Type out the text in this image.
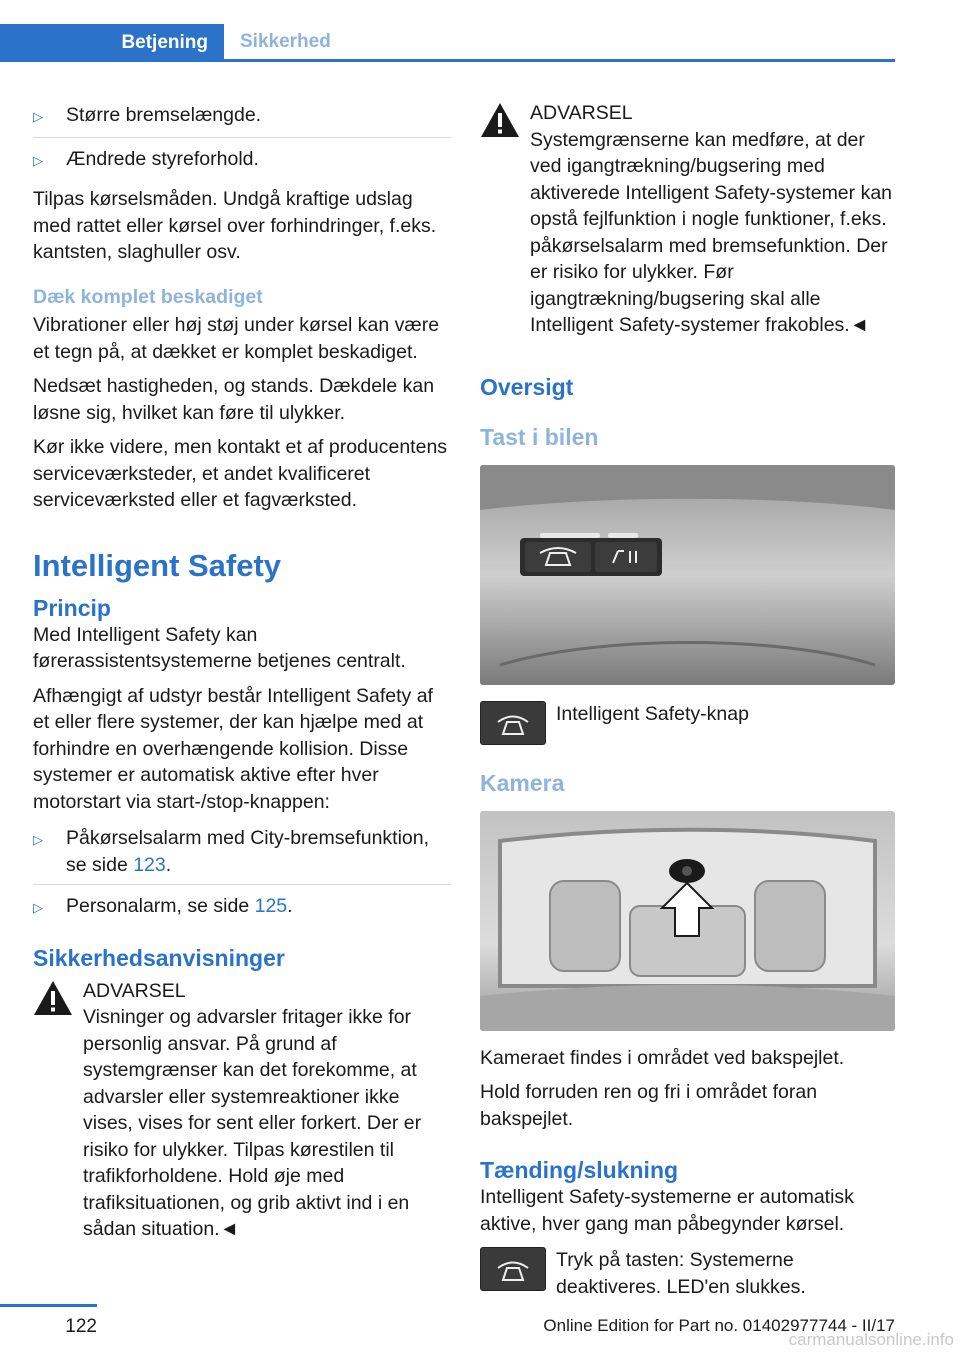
Betjening	Sikkerhed
▷	Større bremselængde.
▷	Ændrede styreforhold.

Tilpas kørselsmåden. Undgå kraftige udslag med rattet eller kørsel over forhindringer, f.eks. kantsten, slaghuller osv.

Dæk komplet beskadiget

Vibrationer eller høj støj under kørsel kan være et tegn på, at dækket er komplet beskadiget.

Nedsæt hastigheden, og stands. Dækdele kan løsne sig, hvilket kan føre til ulykker.

Kør ikke videre, men kontakt et af producentens serviceværksteder, et andet kvalificeret serviceværksted eller et fagværksted.

Intelligent Safety
Princip

Med Intelligent Safety kan førerassistentsystemerne betjenes centralt.

Afhængigt af udstyr består Intelligent Safety af et eller flere systemer, der kan hjælpe med at forhindre en overhængende kollision. Disse systemer er automatisk aktive efter hver motorstart via start-/stop-knappen:

▷	Påkørselsalarm med City-bremsefunktion, se side 123.
▷	Personalarm, se side 125.
Sikkerhedsanvisninger
ADVARSEL
Visninger og advarsler fritager ikke for personlig ansvar. På grund af systemgrænser kan det forekomme, at advarsler eller systemreaktioner ikke vises, vises for sent eller forkert. Der er risiko for ulykker. Tilpas kørestilen til trafikforholdene. Hold øje med trafiksituationen, og grib aktivt ind i en sådan situation.◄
ADVARSEL
Systemgrænserne kan medføre, at der ved igangtrækning/bugsering med aktiverede Intelligent Safety-systemer kan opstå fejlfunktion i nogle funktioner, f.eks. påkørselsalarm med bremsefunktion. Der er risiko for ulykker. Før igangtrækning/bugsering skal alle Intelligent Safety-systemer frakobles.◄
Oversigt
Tast i bilen
Intelligent Safety-knap
Kamera

Kameraet findes i området ved bakspejlet.

Hold forruden ren og fri i området foran bakspejlet.

Tænding/slukning

Intelligent Safety-systemerne er automatisk aktive, hver gang man påbegynder kørsel.

Tryk på tasten: Systemerne deaktiveres. LED'en slukkes.
122	Online Edition for Part no. 01402977744 - II/17
carmanualsonline.info
